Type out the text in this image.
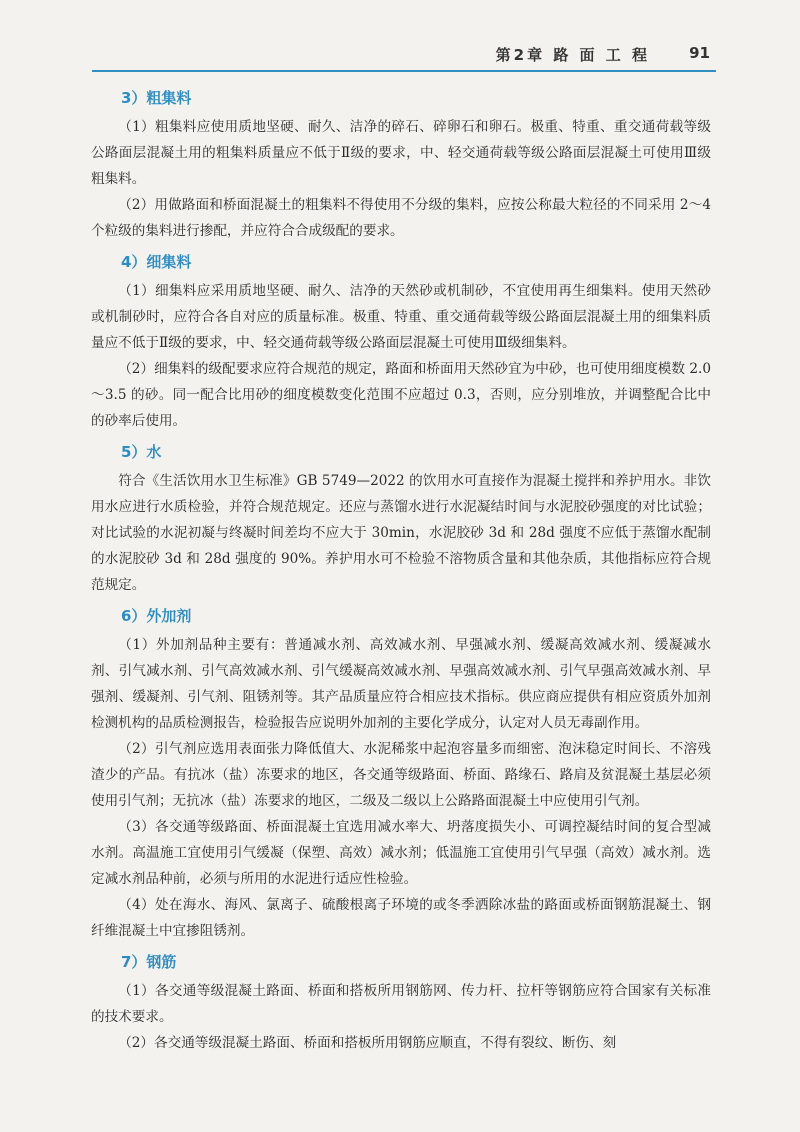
第2章 路 面 工 程	91
3）粗集料

（1）粗集料应使用质地坚硬、耐久、洁净的碎石、碎卵石和卵石。极重、特重、重交通荷载等级公路面层混凝土用的粗集料质量应不低于Ⅱ级的要求，中、轻交通荷载等级公路面层混凝土可使用Ⅲ级粗集料。

（2）用做路面和桥面混凝土的粗集料不得使用不分级的集料，应按公称最大粒径的不同采用 2～4 个粒级的集料进行掺配，并应符合合成级配的要求。

4）细集料

（1）细集料应采用质地坚硬、耐久、洁净的天然砂或机制砂，不宜使用再生细集料。使用天然砂或机制砂时，应符合各自对应的质量标准。极重、特重、重交通荷载等级公路面层混凝土用的细集料质量应不低于Ⅱ级的要求，中、轻交通荷载等级公路面层混凝土可使用Ⅲ级细集料。

（2）细集料的级配要求应符合规范的规定，路面和桥面用天然砂宜为中砂，也可使用细度模数 2.0～3.5 的砂。同一配合比用砂的细度模数变化范围不应超过 0.3，否则，应分别堆放，并调整配合比中的砂率后使用。

5）水

符合《生活饮用水卫生标准》GB 5749—2022 的饮用水可直接作为混凝土搅拌和养护用水。非饮用水应进行水质检验，并符合规范规定。还应与蒸馏水进行水泥凝结时间与水泥胶砂强度的对比试验；对比试验的水泥初凝与终凝时间差均不应大于 30min，水泥胶砂 3d 和 28d 强度不应低于蒸馏水配制的水泥胶砂 3d 和 28d 强度的 90%。养护用水可不检验不溶物质含量和其他杂质，其他指标应符合规范规定。

6）外加剂

（1）外加剂品种主要有：普通减水剂、高效减水剂、早强减水剂、缓凝高效减水剂、缓凝减水剂、引气减水剂、引气高效减水剂、引气缓凝高效减水剂、早强高效减水剂、引气早强高效减水剂、早强剂、缓凝剂、引气剂、阻锈剂等。其产品质量应符合相应技术指标。供应商应提供有相应资质外加剂检测机构的品质检测报告，检验报告应说明外加剂的主要化学成分，认定对人员无毒副作用。

（2）引气剂应选用表面张力降低值大、水泥稀浆中起泡容量多而细密、泡沫稳定时间长、不溶残渣少的产品。有抗冰（盐）冻要求的地区，各交通等级路面、桥面、路缘石、路肩及贫混凝土基层必须使用引气剂；无抗冰（盐）冻要求的地区，二级及二级以上公路路面混凝土中应使用引气剂。

（3）各交通等级路面、桥面混凝土宜选用减水率大、坍落度损失小、可调控凝结时间的复合型减水剂。高温施工宜使用引气缓凝（保塑、高效）减水剂；低温施工宜使用引气早强（高效）减水剂。选定减水剂品种前，必须与所用的水泥进行适应性检验。

（4）处在海水、海风、氯离子、硫酸根离子环境的或冬季洒除冰盐的路面或桥面钢筋混凝土、钢纤维混凝土中宜掺阻锈剂。

7）钢筋

（1）各交通等级混凝土路面、桥面和搭板所用钢筋网、传力杆、拉杆等钢筋应符合国家有关标准的技术要求。

（2）各交通等级混凝土路面、桥面和搭板所用钢筋应顺直，不得有裂纹、断伤、刻
